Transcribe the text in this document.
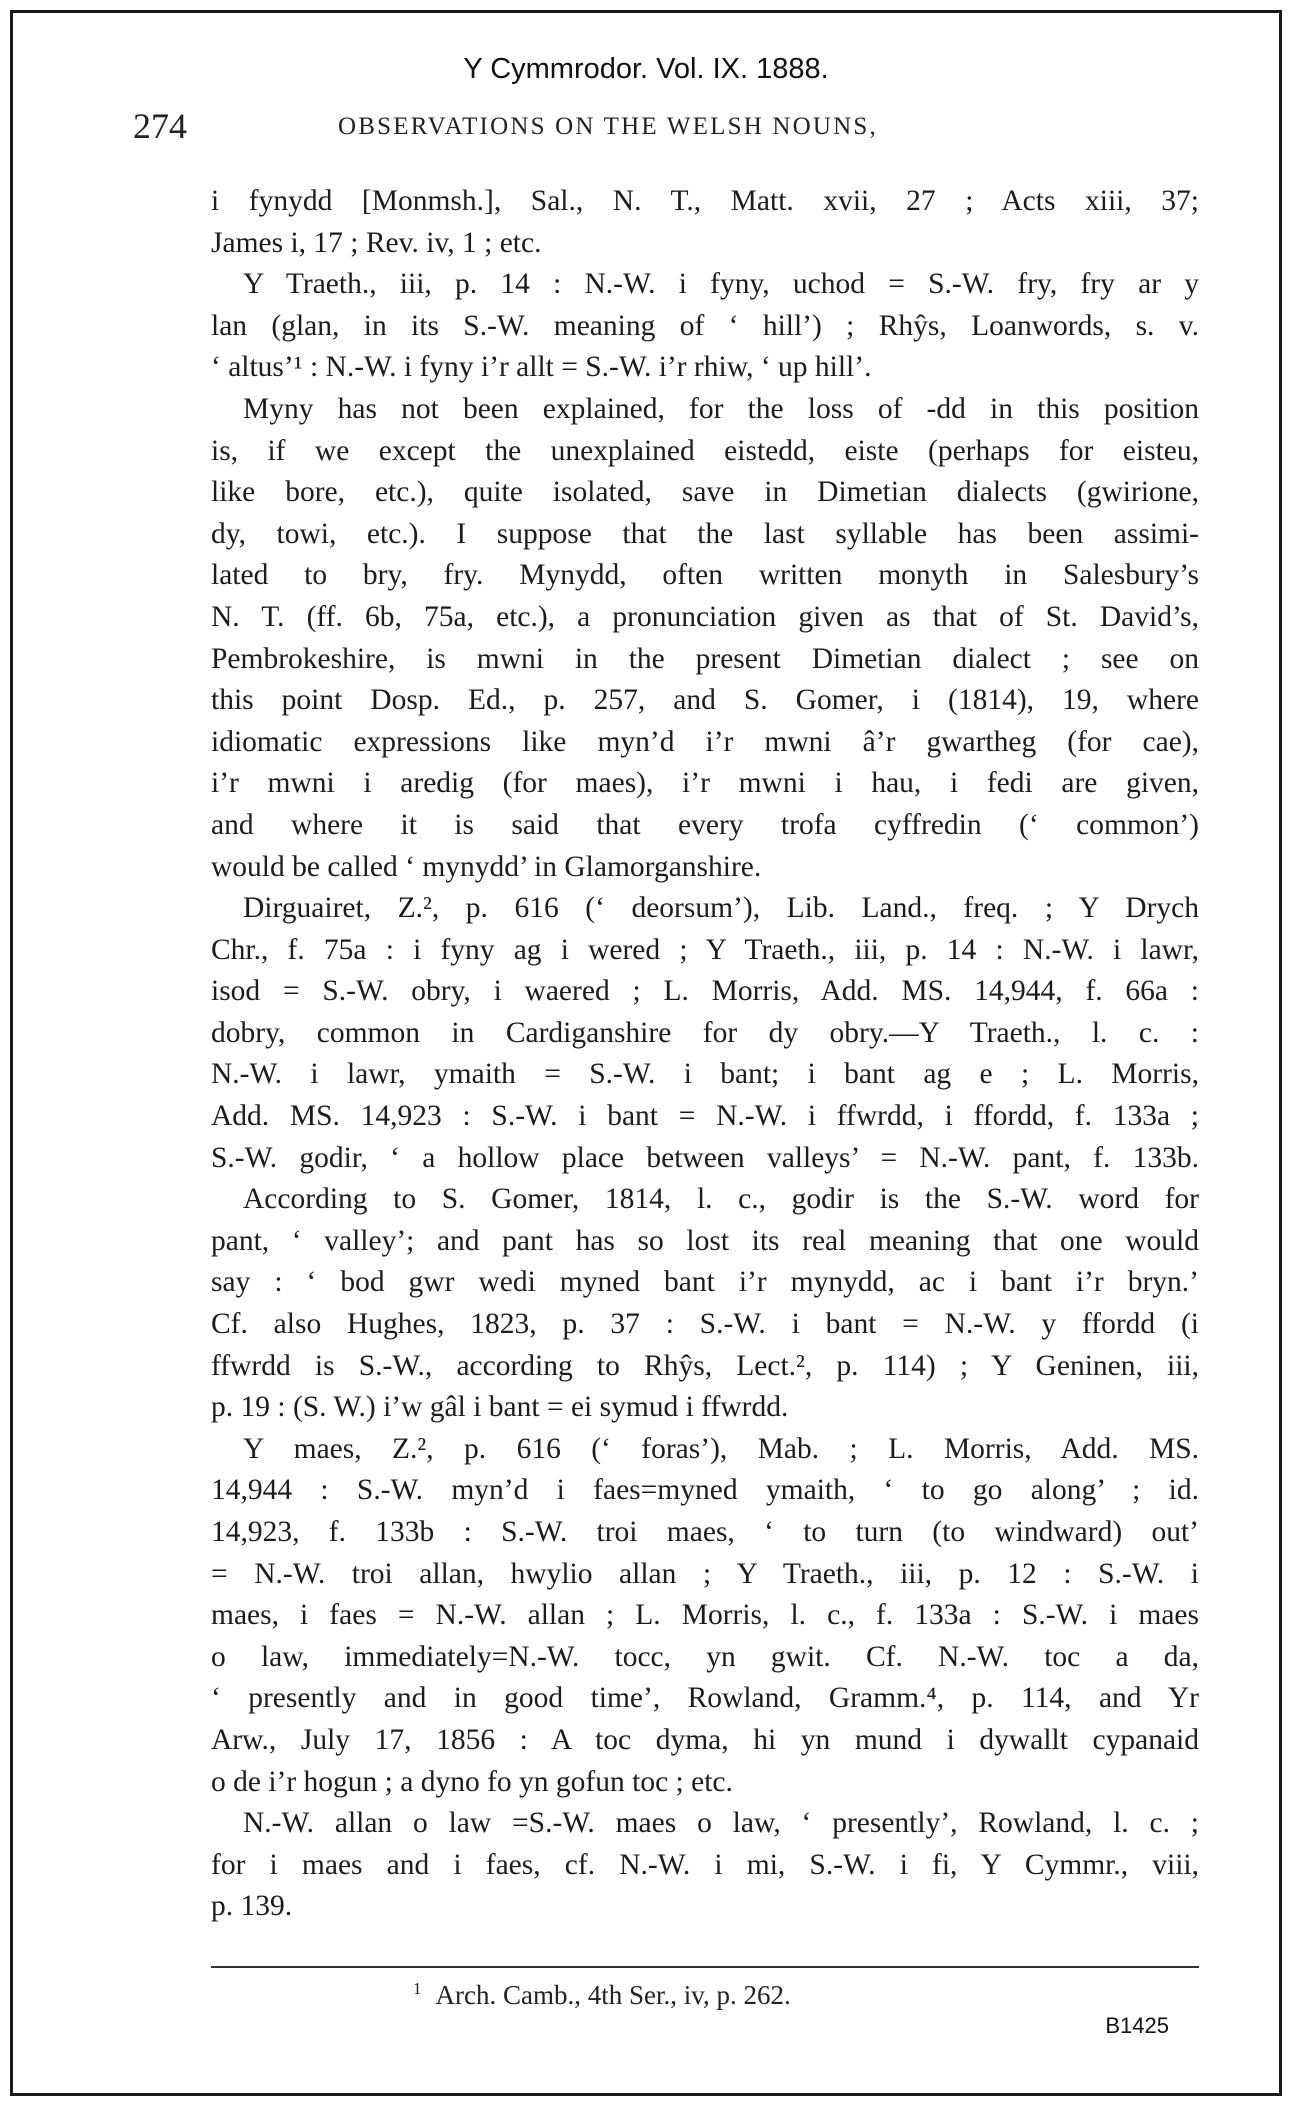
Y Cymmrodor. Vol. IX. 1888.
274	OBSERVATIONS ON THE WELSH NOUNS,
i fynydd [Monmsh.], Sal., N. T., Matt. xvii, 27 ; Acts xiii, 37;
James i, 17 ; Rev. iv, 1 ; etc.
Y Traeth., iii, p. 14 : N.-W. i fyny, uchod = S.-W. fry, fry ar y
lan (glan, in its S.-W. meaning of ‘ hill’) ; Rhŷs, Loanwords, s. v.
‘ altus’¹ : N.-W. i fyny i’r allt = S.-W. i’r rhiw, ‘ up hill’.
Myny has not been explained, for the loss of -dd in this position
is, if we except the unexplained eistedd, eiste (perhaps for eisteu,
like bore, etc.), quite isolated, save in Dimetian dialects (gwirione,
dy, towi, etc.). I suppose that the last syllable has been assimi-
lated to bry, fry. Mynydd, often written monyth in Salesbury’s
N. T. (ff. 6b, 75a, etc.), a pronunciation given as that of St. David’s,
Pembrokeshire, is mwni in the present Dimetian dialect ; see on
this point Dosp. Ed., p. 257, and S. Gomer, i (1814), 19, where
idiomatic expressions like myn’d i’r mwni â’r gwartheg (for cae),
i’r mwni i aredig (for maes), i’r mwni i hau, i fedi are given,
and where it is said that every trofa cyffredin (‘ common’)
would be called ‘ mynydd’ in Glamorganshire.
Dirguairet, Z.², p. 616 (‘ deorsum’), Lib. Land., freq. ; Y Drych
Chr., f. 75a : i fyny ag i wered ; Y Traeth., iii, p. 14 : N.-W. i lawr,
isod = S.-W. obry, i waered ; L. Morris, Add. MS. 14,944, f. 66a :
dobry, common in Cardiganshire for dy obry.—Y Traeth., l. c. :
N.-W. i lawr, ymaith = S.-W. i bant; i bant ag e ; L. Morris,
Add. MS. 14,923 : S.-W. i bant = N.-W. i ffwrdd, i ffordd, f. 133a ;
S.-W. godir, ‘ a hollow place between valleys’ = N.-W. pant, f. 133b.
According to S. Gomer, 1814, l. c., godir is the S.-W. word for
pant, ‘ valley’; and pant has so lost its real meaning that one would
say : ‘ bod gwr wedi myned bant i’r mynydd, ac i bant i’r bryn.’
Cf. also Hughes, 1823, p. 37 : S.-W. i bant = N.-W. y ffordd (i
ffwrdd is S.-W., according to Rhŷs, Lect.², p. 114) ; Y Geninen, iii,
p. 19 : (S. W.) i’w gâl i bant = ei symud i ffwrdd.
Y maes, Z.², p. 616 (‘ foras’), Mab. ; L. Morris, Add. MS.
14,944 : S.-W. myn’d i faes=myned ymaith, ‘ to go along’ ; id.
14,923, f. 133b : S.-W. troi maes, ‘ to turn (to windward) out’
= N.-W. troi allan, hwylio allan ; Y Traeth., iii, p. 12 : S.-W. i
maes, i faes = N.-W. allan ; L. Morris, l. c., f. 133a : S.-W. i maes
o law, immediately=N.-W. tocc, yn gwit. Cf. N.-W. toc a da,
‘ presently and in good time’, Rowland, Gramm.⁴, p. 114, and Yr
Arw., July 17, 1856 : A toc dyma, hi yn mund i dywallt cypanaid
o de i’r hogun ; a dyno fo yn gofun toc ; etc.
N.-W. allan o law =S.-W. maes o law, ‘ presently’, Rowland, l. c. ;
for i maes and i faes, cf. N.-W. i mi, S.-W. i fi, Y Cymmr., viii,
p. 139.
$^1$ Arch. Camb., 4th Ser., iv, p. 262.
B1425
